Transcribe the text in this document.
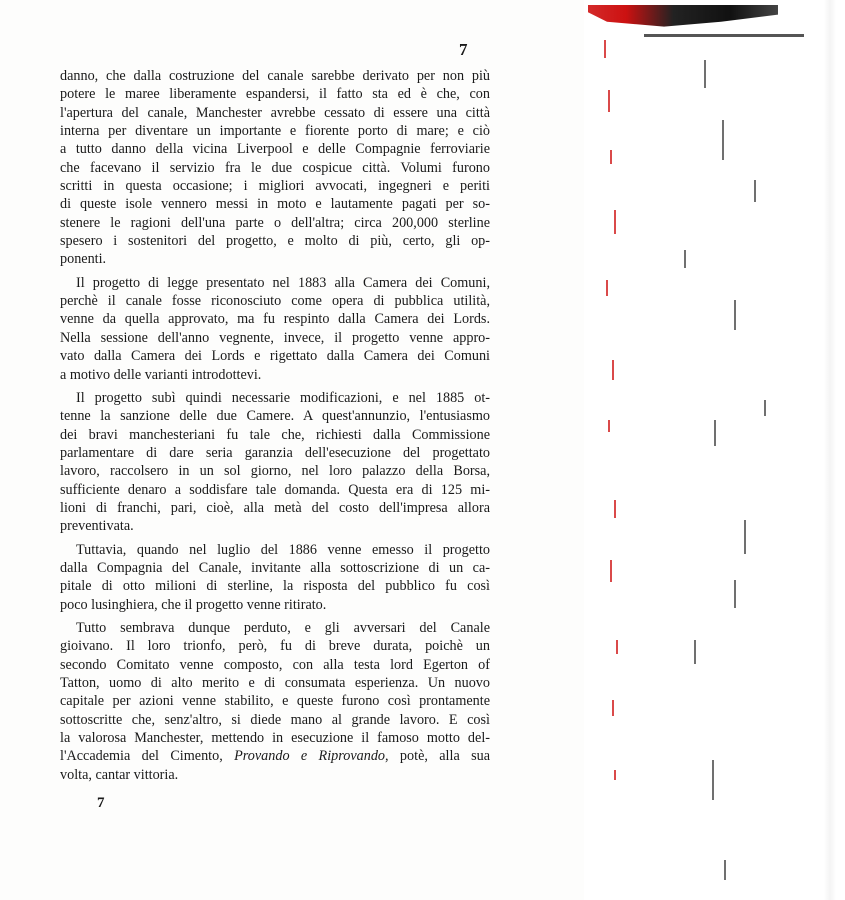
7
danno, che dalla costruzione del canale sarebbe derivato per non più
potere le maree liberamente espandersi, il fatto sta ed è che, con
l'apertura del canale, Manchester avrebbe cessato di essere una città
interna per diventare un importante e fiorente porto di mare; e ciò
a tutto danno della vicina Liverpool e delle Compagnie ferroviarie
che facevano il servizio fra le due cospicue città. Volumi furono
scritti in questa occasione; i migliori avvocati, ingegneri e periti
di queste isole vennero messi in moto e lautamente pagati per so-
stenere le ragioni dell'una parte o dell'altra; circa 200,000 sterline
spesero i sostenitori del progetto, e molto di più, certo, gli op-
ponenti.
Il progetto di legge presentato nel 1883 alla Camera dei Comuni,
perchè il canale fosse riconosciuto come opera di pubblica utilità,
venne da quella approvato, ma fu respinto dalla Camera dei Lords.
Nella sessione dell'anno vegnente, invece, il progetto venne appro-
vato dalla Camera dei Lords e rigettato dalla Camera dei Comuni
a motivo delle varianti introdottevi.
Il progetto subì quindi necessarie modificazioni, e nel 1885 ot-
tenne la sanzione delle due Camere. A quest'annunzio, l'entusiasmo
dei bravi manchesteriani fu tale che, richiesti dalla Commissione
parlamentare di dare seria garanzia dell'esecuzione del progettato
lavoro, raccolsero in un sol giorno, nel loro palazzo della Borsa,
sufficiente denaro a soddisfare tale domanda. Questa era di 125 mi-
lioni di franchi, pari, cioè, alla metà del costo dell'impresa allora
preventivata.
Tuttavia, quando nel luglio del 1886 venne emesso il progetto
dalla Compagnia del Canale, invitante alla sottoscrizione di un ca-
pitale di otto milioni di sterline, la risposta del pubblico fu così
poco lusinghiera, che il progetto venne ritirato.
Tutto sembrava dunque perduto, e gli avversari del Canale
gioivano. Il loro trionfo, però, fu di breve durata, poichè un
secondo Comitato venne composto, con alla testa lord Egerton of
Tatton, uomo di alto merito e di consumata esperienza. Un nuovo
capitale per azioni venne stabilito, e queste furono così prontamente
sottoscritte che, senz'altro, si diede mano al grande lavoro. E così
la valorosa Manchester, mettendo in esecuzione il famoso motto del-
l'Accademia del Cimento, Provando e Riprovando, potè, alla sua
volta, cantar vittoria.
7
